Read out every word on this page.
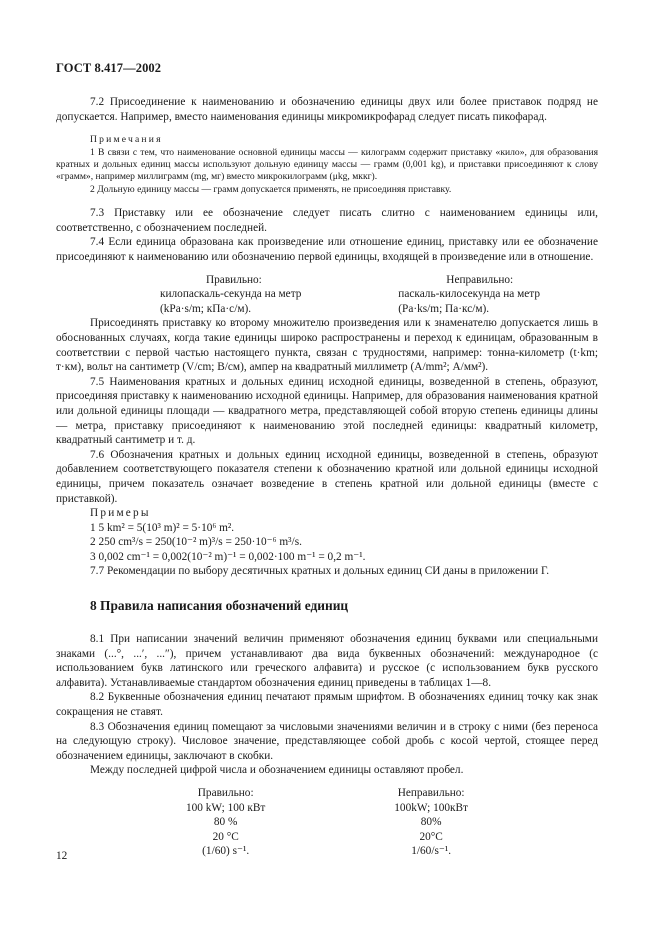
ГОСТ 8.417—2002

7.2 Присоединение к наименованию и обозначению единицы двух или более приставок подряд не допускается. Например, вместо наименования единицы микромикрофарад следует писать пикофарад.

Примечания

1 В связи с тем, что наименование основной единицы массы — килограмм содержит приставку «кило», для образования кратных и дольных единиц массы используют дольную единицу массы — грамм (0,001 kg), и приставки присоединяют к слову «грамм», например миллиграмм (mg, мг) вместо микрокилограмм (μkg, мккг).

2 Дольную единицу массы — грамм допускается применять, не присоединяя приставку.

7.3 Приставку или ее обозначение следует писать слитно с наименованием единицы или, соответственно, с обозначением последней.

7.4 Если единица образована как произведение или отношение единиц, приставку или ее обозначение присоединяют к наименованию или обозначению первой единицы, входящей в произведение или в отношение.

Правильно:
килопаскаль-секунда на метр
(kPa·s/m; кПа·с/м).
Неправильно:
паскаль-килосекунда на метр
(Pa·ks/m; Па·кс/м).

Присоединять приставку ко второму множителю произведения или к знаменателю допускается лишь в обоснованных случаях, когда такие единицы широко распространены и переход к единицам, образованным в соответствии с первой частью настоящего пункта, связан с трудностями, например: тонна-километр (t·km; т·км), вольт на сантиметр (V/cm; В/см), ампер на квадратный миллиметр (A/mm²; А/мм²).

7.5 Наименования кратных и дольных единиц исходной единицы, возведенной в степень, образуют, присоединяя приставку к наименованию исходной единицы. Например, для образования наименования кратной или дольной единицы площади — квадратного метра, представляющей собой вторую степень единицы длины — метра, приставку присоединяют к наименованию этой последней единицы: квадратный километр, квадратный сантиметр и т. д.

7.6 Обозначения кратных и дольных единиц исходной единицы, возведенной в степень, образуют добавлением соответствующего показателя степени к обозначению кратной или дольной единицы исходной единицы, причем показатель означает возведение в степень кратной или дольной единицы (вместе с приставкой).

Примеры

1 5 km² = 5(10³ m)² = 5·10⁶ m².

2 250 cm³/s = 250(10⁻² m)³/s = 250·10⁻⁶ m³/s.

3 0,002 cm⁻¹ = 0,002(10⁻² m)⁻¹ = 0,002·100 m⁻¹ = 0,2 m⁻¹.

7.7 Рекомендации по выбору десятичных кратных и дольных единиц СИ даны в приложении Г.

8 Правила написания обозначений единиц

8.1 При написании значений величин применяют обозначения единиц буквами или специальными знаками (...°, ...′, ...″), причем устанавливают два вида буквенных обозначений: международное (с использованием букв латинского или греческого алфавита) и русское (с использованием букв русского алфавита). Устанавливаемые стандартом обозначения единиц приведены в таблицах 1—8.

8.2 Буквенные обозначения единиц печатают прямым шрифтом. В обозначениях единиц точку как знак сокращения не ставят.

8.3 Обозначения единиц помещают за числовыми значениями величин и в строку с ними (без переноса на следующую строку). Числовое значение, представляющее собой дробь с косой чертой, стоящее перед обозначением единицы, заключают в скобки.

Между последней цифрой числа и обозначением единицы оставляют пробел.

Правильно:
100 kW; 100 кВт
80 %
20 °C
(1/60) s⁻¹.
Неправильно:
100kW; 100кВт
80%
20°C
1/60/s⁻¹.
12
